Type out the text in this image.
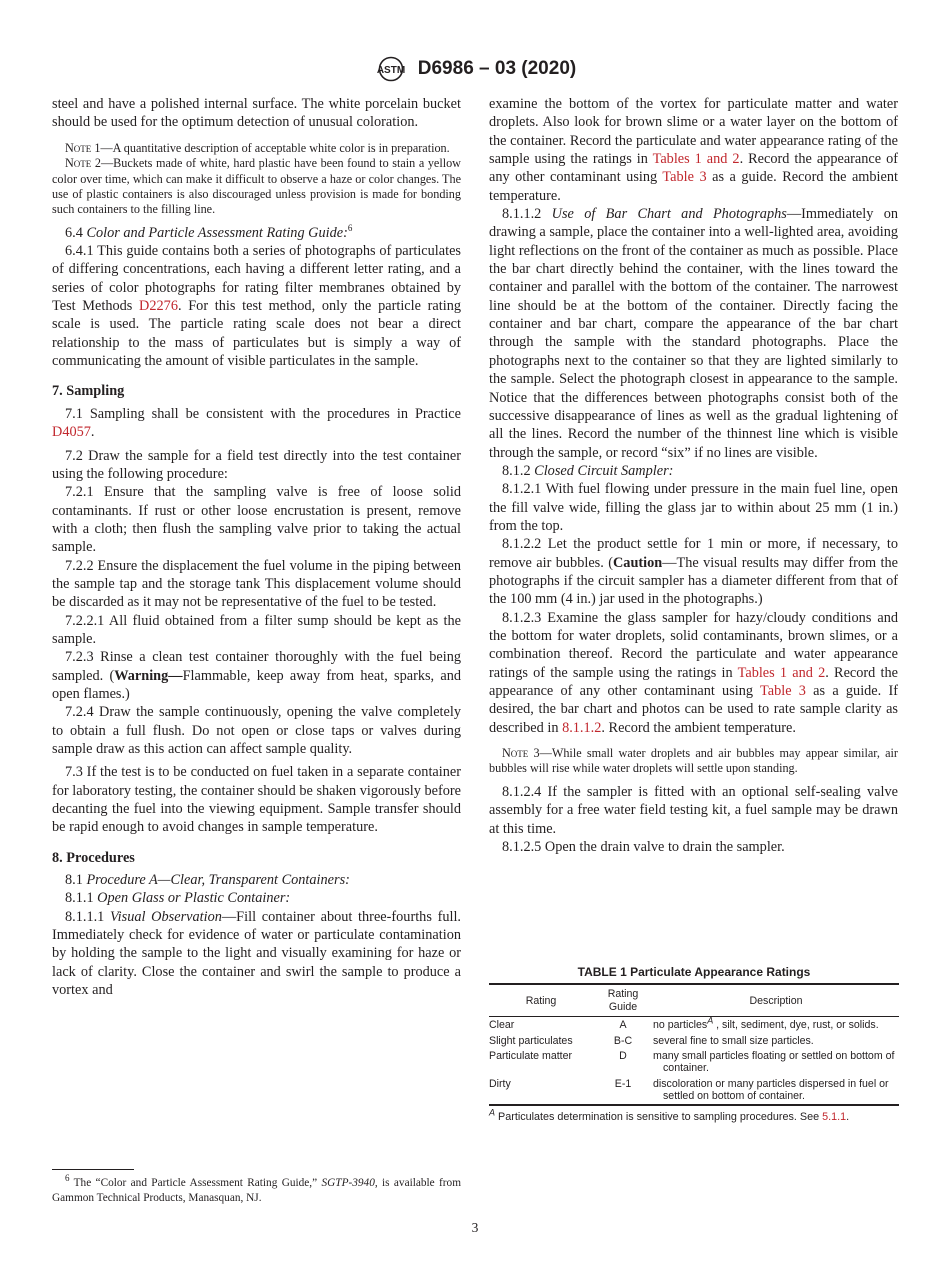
ASTM D6986 – 03 (2020)
steel and have a polished internal surface. The white porcelain bucket should be used for the optimum detection of unusual coloration.
Note 1—A quantitative description of acceptable white color is in preparation.
Note 2—Buckets made of white, hard plastic have been found to stain a yellow color over time, which can make it difficult to observe a haze or color changes. The use of plastic containers is also discouraged unless provision is made for bonding such containers to the filling line.
6.4 Color and Particle Assessment Rating Guide:$^6$
6.4.1 This guide contains both a series of photographs of particulates of differing concentrations, each having a different letter rating, and a series of color photographs for rating filter membranes obtained by Test Methods D2276. For this test method, only the particle rating scale is used. The particle rating scale does not bear a direct relationship to the mass of particulates but is simply a way of communicating the amount of visible particulates in the sample.
7. Sampling
7.1 Sampling shall be consistent with the procedures in Practice D4057.
7.2 Draw the sample for a field test directly into the test container using the following procedure:
7.2.1 Ensure that the sampling valve is free of loose solid contaminants. If rust or other loose encrustation is present, remove with a cloth; then flush the sampling valve prior to taking the actual sample.
7.2.2 Ensure the displacement the fuel volume in the piping between the sample tap and the storage tank This displacement volume should be discarded as it may not be representative of the fuel to be tested.
7.2.2.1 All fluid obtained from a filter sump should be kept as the sample.
7.2.3 Rinse a clean test container thoroughly with the fuel being sampled. (Warning—Flammable, keep away from heat, sparks, and open flames.)
7.2.4 Draw the sample continuously, opening the valve completely to obtain a full flush. Do not open or close taps or valves during sample draw as this action can affect sample quality.
7.3 If the test is to be conducted on fuel taken in a separate container for laboratory testing, the container should be shaken vigorously before decanting the fuel into the viewing equipment. Sample transfer should be rapid enough to avoid changes in sample temperature.
8. Procedures
8.1 Procedure A—Clear, Transparent Containers:
8.1.1 Open Glass or Plastic Container:
8.1.1.1 Visual Observation—Fill container about three-fourths full. Immediately check for evidence of water or particulate contamination by holding the sample to the light and visually examining for haze or lack of clarity. Close the container and swirl the sample to produce a vortex and
examine the bottom of the vortex for particulate matter and water droplets. Also look for brown slime or a water layer on the bottom of the container. Record the particulate and water appearance rating of the sample using the ratings in Tables 1 and 2. Record the appearance of any other contaminant using Table 3 as a guide. Record the ambient temperature.
8.1.1.2 Use of Bar Chart and Photographs—Immediately on drawing a sample, place the container into a well-lighted area, avoiding light reflections on the front of the container as much as possible. Place the bar chart directly behind the container, with the lines toward the container and parallel with the bottom of the container. The narrowest line should be at the bottom of the container. Directly facing the container and bar chart, compare the appearance of the bar chart through the sample with the standard photographs. Place the photographs next to the container so that they are lighted similarly to the sample. Select the photograph closest in appearance to the sample. Notice that the differences between photographs consist both of the successive disappearance of lines as well as the gradual lightening of all the lines. Record the number of the thinnest line which is visible through the sample, or record “six” if no lines are visible.
8.1.2 Closed Circuit Sampler:
8.1.2.1 With fuel flowing under pressure in the main fuel line, open the fill valve wide, filling the glass jar to within about 25 mm (1 in.) from the top.
8.1.2.2 Let the product settle for 1 min or more, if necessary, to remove air bubbles. (Caution—The visual results may differ from the photographs if the circuit sampler has a diameter different from that of the 100 mm (4 in.) jar used in the photographs.)
8.1.2.3 Examine the glass sampler for hazy/cloudy conditions and the bottom for water droplets, solid contaminants, brown slimes, or a combination thereof. Record the particulate and water appearance ratings of the sample using the ratings in Tables 1 and 2. Record the appearance of any other contaminant using Table 3 as a guide. If desired, the bar chart and photos can be used to rate sample clarity as described in 8.1.1.2. Record the ambient temperature.
Note 3—While small water droplets and air bubbles may appear similar, air bubbles will rise while water droplets will settle upon standing.
8.1.2.4 If the sampler is fitted with an optional self-sealing valve assembly for a free water field testing kit, a fuel sample may be drawn at this time.
8.1.2.5 Open the drain valve to drain the sampler.
TABLE 1 Particulate Appearance Ratings
Rating	Rating Guide	Description
Clear	A	no particles$^A$ , silt, sediment, dye, rust, or solids.
Slight particulates	B-C	several fine to small size particles.
Particulate matter	D	many small particles floating or settled on bottom of container.
Dirty	E-1	discoloration or many particles dispersed in fuel or settled on bottom of container.
$^A$ Particulates determination is sensitive to sampling procedures. See 5.1.1.
$^6$ The “Color and Particle Assessment Rating Guide,” SGTP-3940, is available from Gammon Technical Products, Manasquan, NJ.
3
